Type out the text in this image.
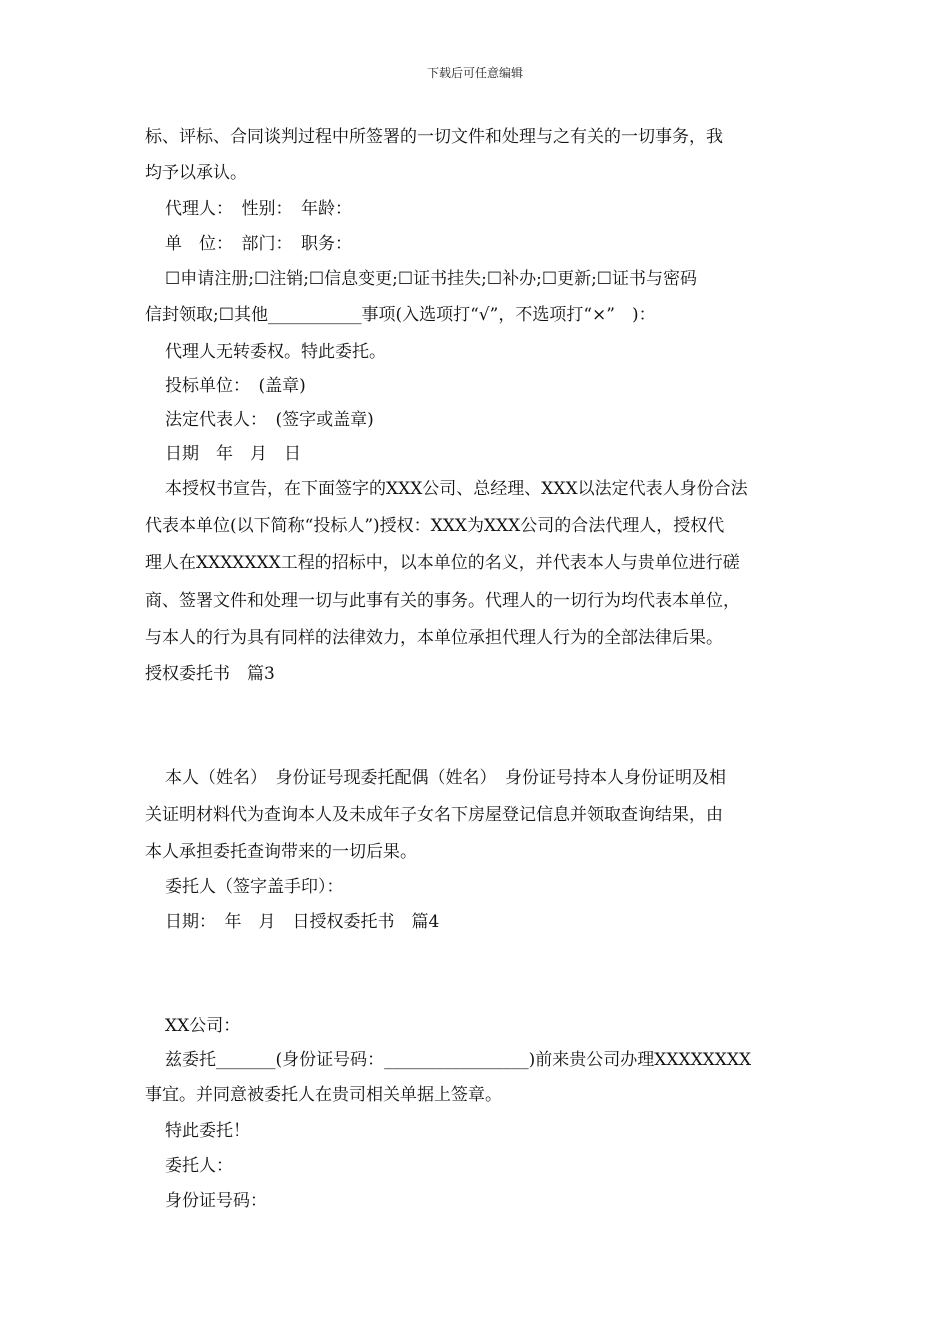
下载后可任意编辑
标、评标、合同谈判过程中所签署的一切文件和处理与之有关的一切事务，我
均予以承认。
代理人：　性别：　年龄：
单　位：　部门：　职务：
☐申请注册;☐注销;☐信息变更;☐证书挂失;☐补办;☐更新;☐证书与密码
信封领取;☐其他___________事项(入选项打“√”，不选项打“×”　)：
代理人无转委权。特此委托。
投标单位：　(盖章)
法定代表人：　(签字或盖章)
日期　年　月　日
本授权书宣告，在下面签字的XXX公司、总经理、XXX以法定代表人身份合法
代表本单位(以下简称“投标人”)授权：XXX为XXX公司的合法代理人，授权代
理人在XXXXXXX工程的招标中，以本单位的名义，并代表本人与贵单位进行磋
商、签署文件和处理一切与此事有关的事务。代理人的一切行为均代表本单位，
与本人的行为具有同样的法律效力，本单位承担代理人行为的全部法律后果。
授权委托书　篇3
本人（姓名）　身份证号现委托配偶（姓名）　身份证号持本人身份证明及相
关证明材料代为查询本人及未成年子女名下房屋登记信息并领取查询结果，由
本人承担委托查询带来的一切后果。
委托人（签字盖手印）：
日期：　年　月　日授权委托书　篇4
XX公司：
兹委托_______(身份证号码：_________________)前来贵公司办理XXXXXXXX
事宜。并同意被委托人在贵司相关单据上签章。
特此委托！
委托人：
身份证号码：
